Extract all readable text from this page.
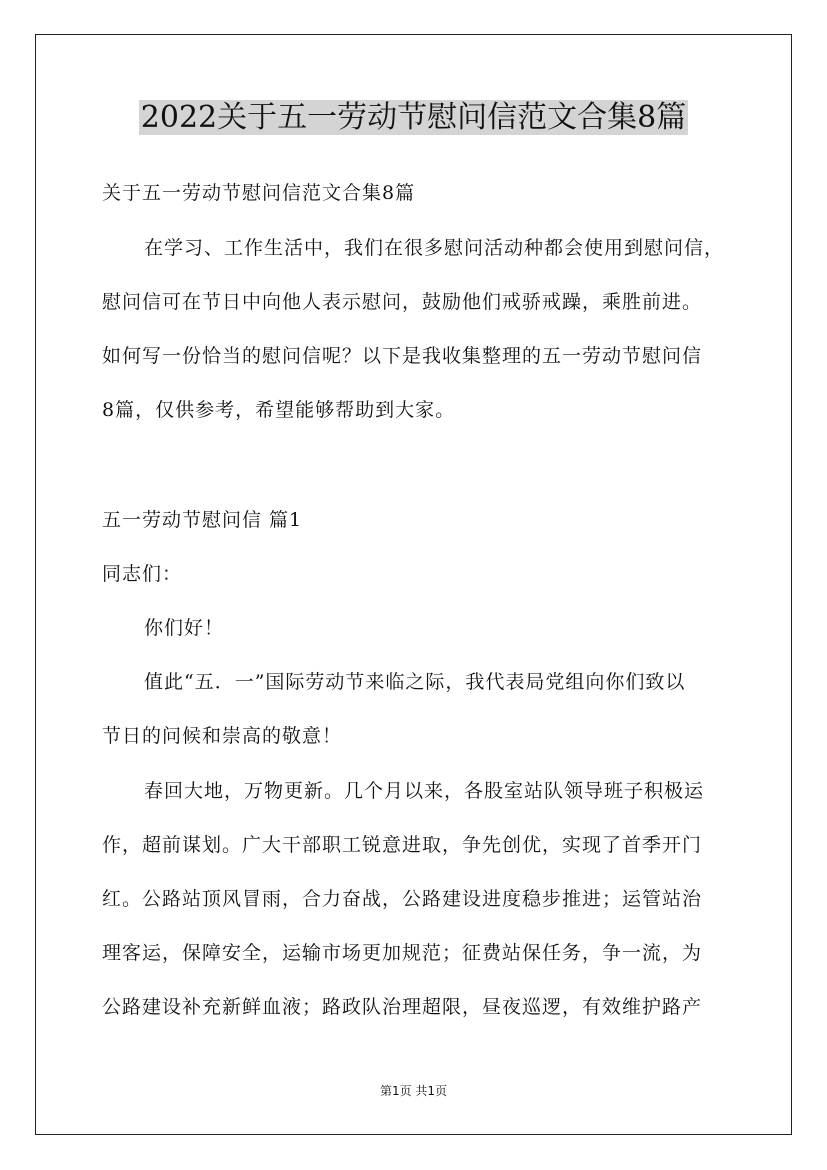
2022关于五一劳动节慰问信范文合集8篇
关于五一劳动节慰问信范文合集8篇
在学习、工作生活中，我们在很多慰问活动种都会使用到慰问信，
慰问信可在节日中向他人表示慰问，鼓励他们戒骄戒躁，乘胜前进。
如何写一份恰当的慰问信呢？以下是我收集整理的五一劳动节慰问信
8篇，仅供参考，希望能够帮助到大家。
五一劳动节慰问信 篇1
同志们：
你们好！
值此“五．一”国际劳动节来临之际，我代表局党组向你们致以
节日的问候和崇高的敬意！
春回大地，万物更新。几个月以来，各股室站队领导班子积极运
作，超前谋划。广大干部职工锐意进取，争先创优，实现了首季开门
红。公路站顶风冒雨，合力奋战，公路建设进度稳步推进；运管站治
理客运，保障安全，运输市场更加规范；征费站保任务，争一流，为
公路建设补充新鲜血液；路政队治理超限，昼夜巡逻，有效维护路产
第1页 共1页
